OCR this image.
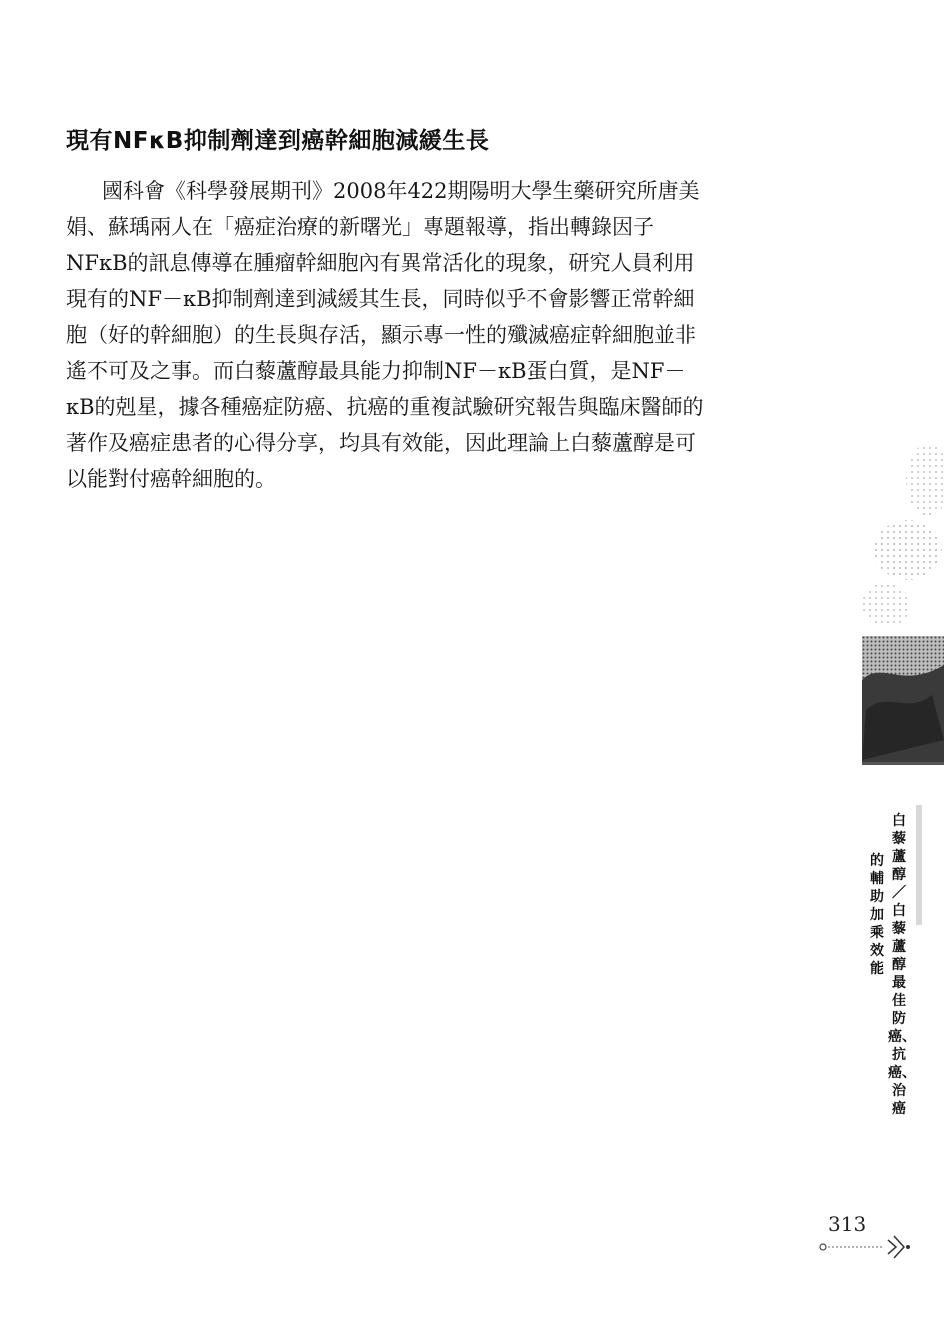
現有NFκB抑制劑達到癌幹細胞減緩生長
國科會《科學發展期刊》2008年422期陽明大學生藥研究所唐美
娟、蘇瑀兩人在「癌症治療的新曙光」專題報導，指出轉錄因子
NFκB的訊息傳導在腫瘤幹細胞內有異常活化的現象，研究人員利用
現有的NF－κB抑制劑達到減緩其生長，同時似乎不會影響正常幹細
胞（好的幹細胞）的生長與存活，顯示專一性的殲滅癌症幹細胞並非
遙不可及之事。而白藜蘆醇最具能力抑制NF－κB蛋白質，是NF－
κB的剋星，據各種癌症防癌、抗癌的重複試驗研究報告與臨床醫師的
著作及癌症患者的心得分享，均具有效能，因此理論上白藜蘆醇是可
以能對付癌幹細胞的。
白藜蘆醇／白藜蘆醇最佳防癌、抗癌、治癌
的輔助加乘效能
313
